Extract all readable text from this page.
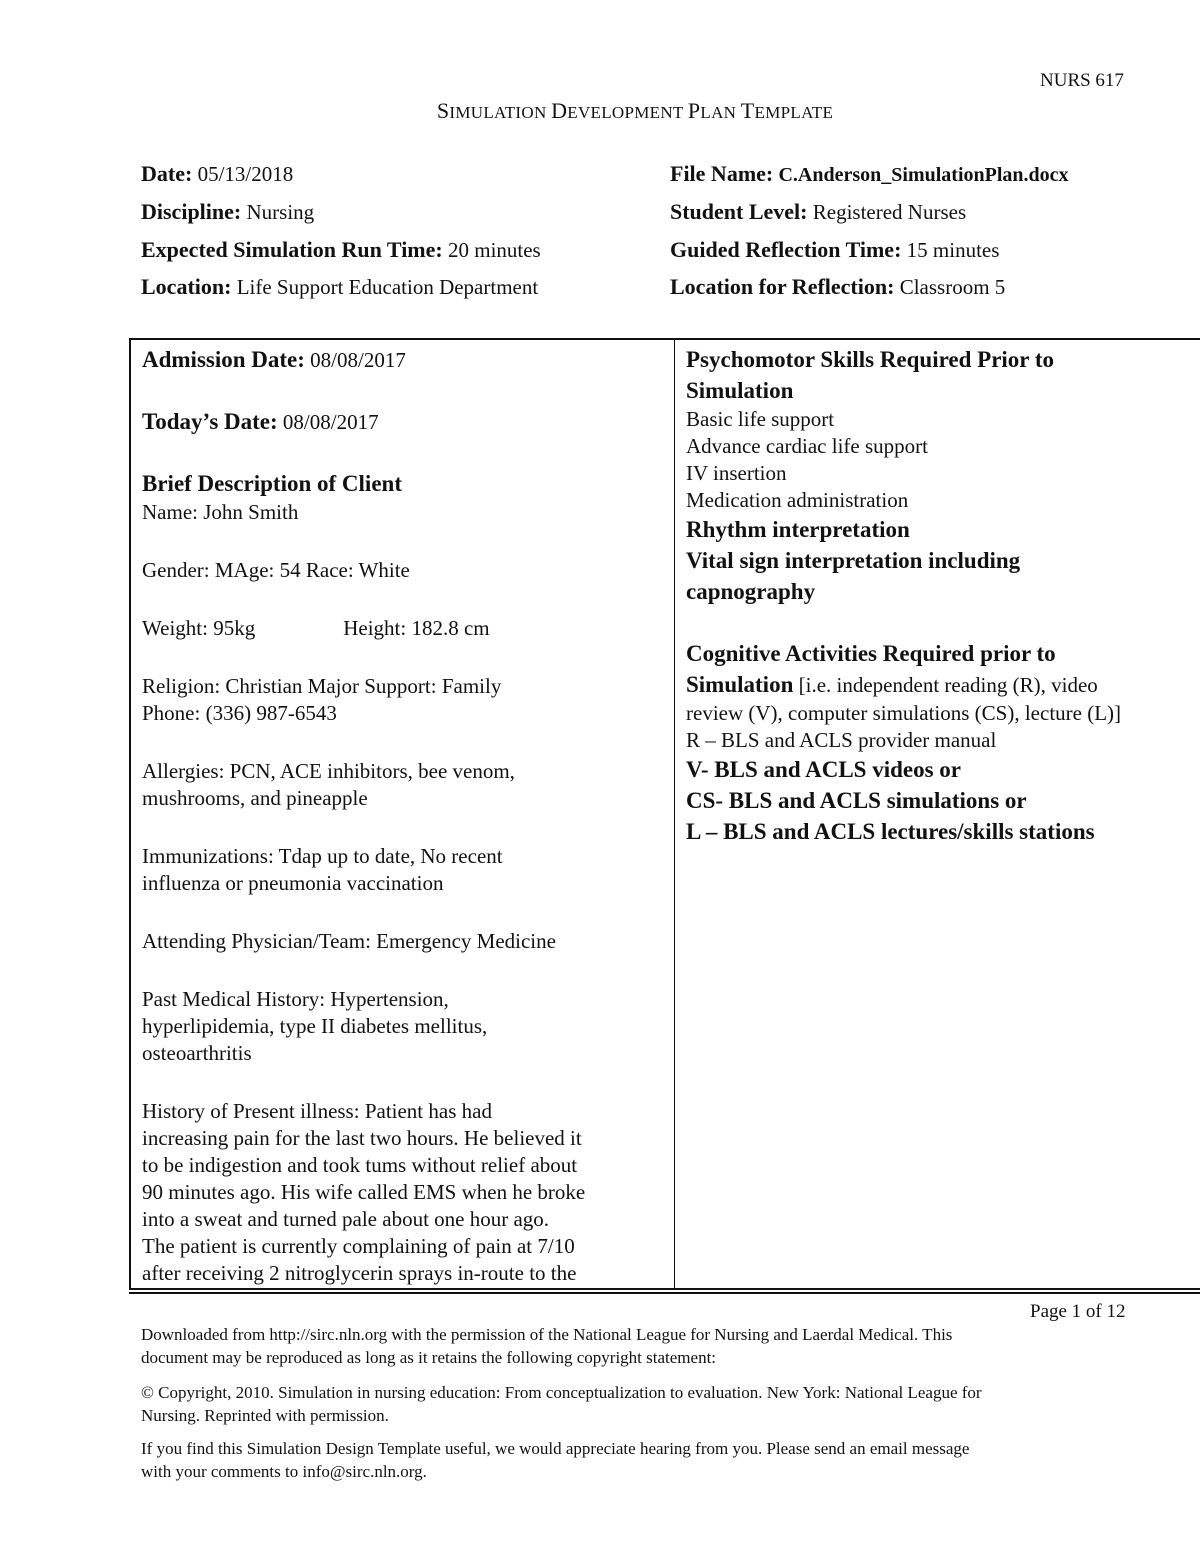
NURS 617
SIMULATION DEVELOPMENT PLAN TEMPLATE
Date: 05/13/2018	File Name: C.Anderson_SimulationPlan.docx
Discipline: Nursing	Student Level: Registered Nurses
Expected Simulation Run Time: 20 minutes	Guided Reflection Time: 15 minutes
Location: Life Support Education Department	Location for Reflection: Classroom 5

Admission Date: 08/08/2017

Today’s Date: 08/08/2017

Brief Description of Client

Name: John Smith

Gender: MAge: 54 Race: White

Weight: 95kg	Height: 182.8 cm

Religion: Christian Major Support: Family

Phone: (336) 987-6543

Allergies: PCN, ACE inhibitors, bee venom,

mushrooms, and pineapple

Immunizations: Tdap up to date, No recent

influenza or pneumonia vaccination

Attending Physician/Team: Emergency Medicine

Past Medical History: Hypertension,

hyperlipidemia, type II diabetes mellitus,

osteoarthritis

History of Present illness: Patient has had

increasing pain for the last two hours. He believed it

to be indigestion and took tums without relief about

90 minutes ago. His wife called EMS when he broke

into a sweat and turned pale about one hour ago.

The patient is currently complaining of pain at 7/10

after receiving 2 nitroglycerin sprays in-route to the

Psychomotor Skills Required Prior to

Simulation

Basic life support

Advance cardiac life support

IV insertion

Medication administration

Rhythm interpretation

Vital sign interpretation including

capnography

Cognitive Activities Required prior to

Simulation [i.e. independent reading (R), video

review (V), computer simulations (CS), lecture (L)]

R – BLS and ACLS provider manual

V- BLS and ACLS videos or

CS- BLS and ACLS simulations or

L – BLS and ACLS lectures/skills stations

Page 1 of 12
Downloaded from http://sirc.nln.org with the permission of the National League for Nursing and Laerdal Medical. This
document may be reproduced as long as it retains the following copyright statement:
© Copyright, 2010. Simulation in nursing education: From conceptualization to evaluation. New York: National League for
Nursing. Reprinted with permission.
If you find this Simulation Design Template useful, we would appreciate hearing from you. Please send an email message
with your comments to info@sirc.nln.org.
